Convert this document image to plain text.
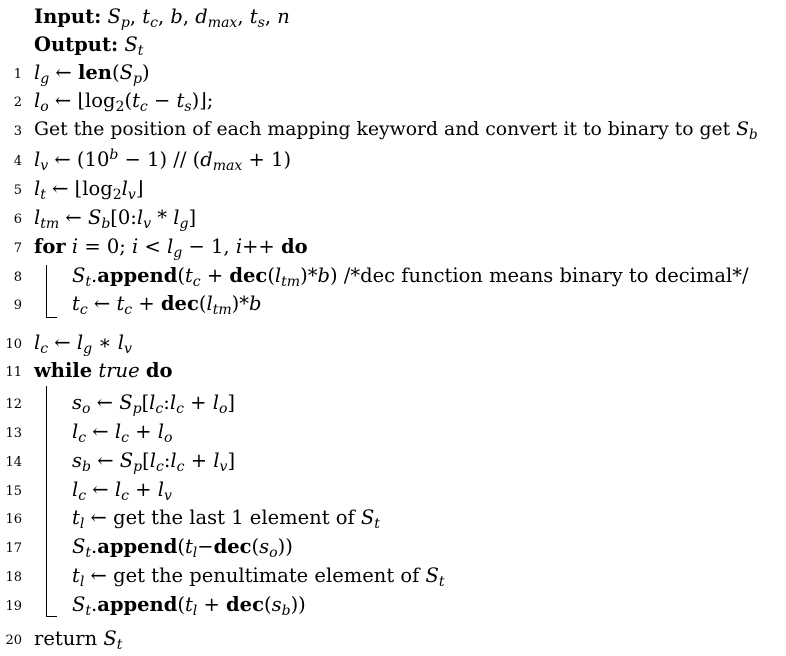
Input: $S_p$, $t_c$, b, $d_{max}$, $t_s$, n
Output: $S_t$
1 $l_g$ ← $len(S_p)$
2 $l_o$ ← $⌊\log_2(t_c$ − $t_s)⌋$;
3 Get the position of each mapping keyword and convert it to binary to get $S_b$
4 $l_v$ ← $(10^b - 1) // (d_{max} + 1)$
5 $l_t$ ← $⌊\log_2l_v⌋$
6 $l_{tm}$ ← $S_b[0:l_v * l_g]$
7 for i = 0; $i < l_g - 1$, i++ do
8	$S_t.append(t_c + dec(l_{tm})*b)$ /*dec function means binary to decimal*/
9	$t_c$ ← $t_c + dec(l_{tm})*b$
10 $l_c$ ← $l_g$ ∗ $l_v$
11 while true do
12	$s_o$ ← $S_p[l_c:l_c + l_o]$
13	$l_c$ ← $l_c + l_o$
14	$s_b$ ← $S_p[l_c:l_c + l_v]$
15	$l_c$ ← $l_c + l_v$
16	$t_l$ ← get the last 1 element of $S_t$
17	$S_t.append(t_l-dec(s_o))$
18	$t_l$ ← get the penultimate element of $S_t$
19	$S_t.append(t_l + dec(s_b))$
20 return $S_t$
